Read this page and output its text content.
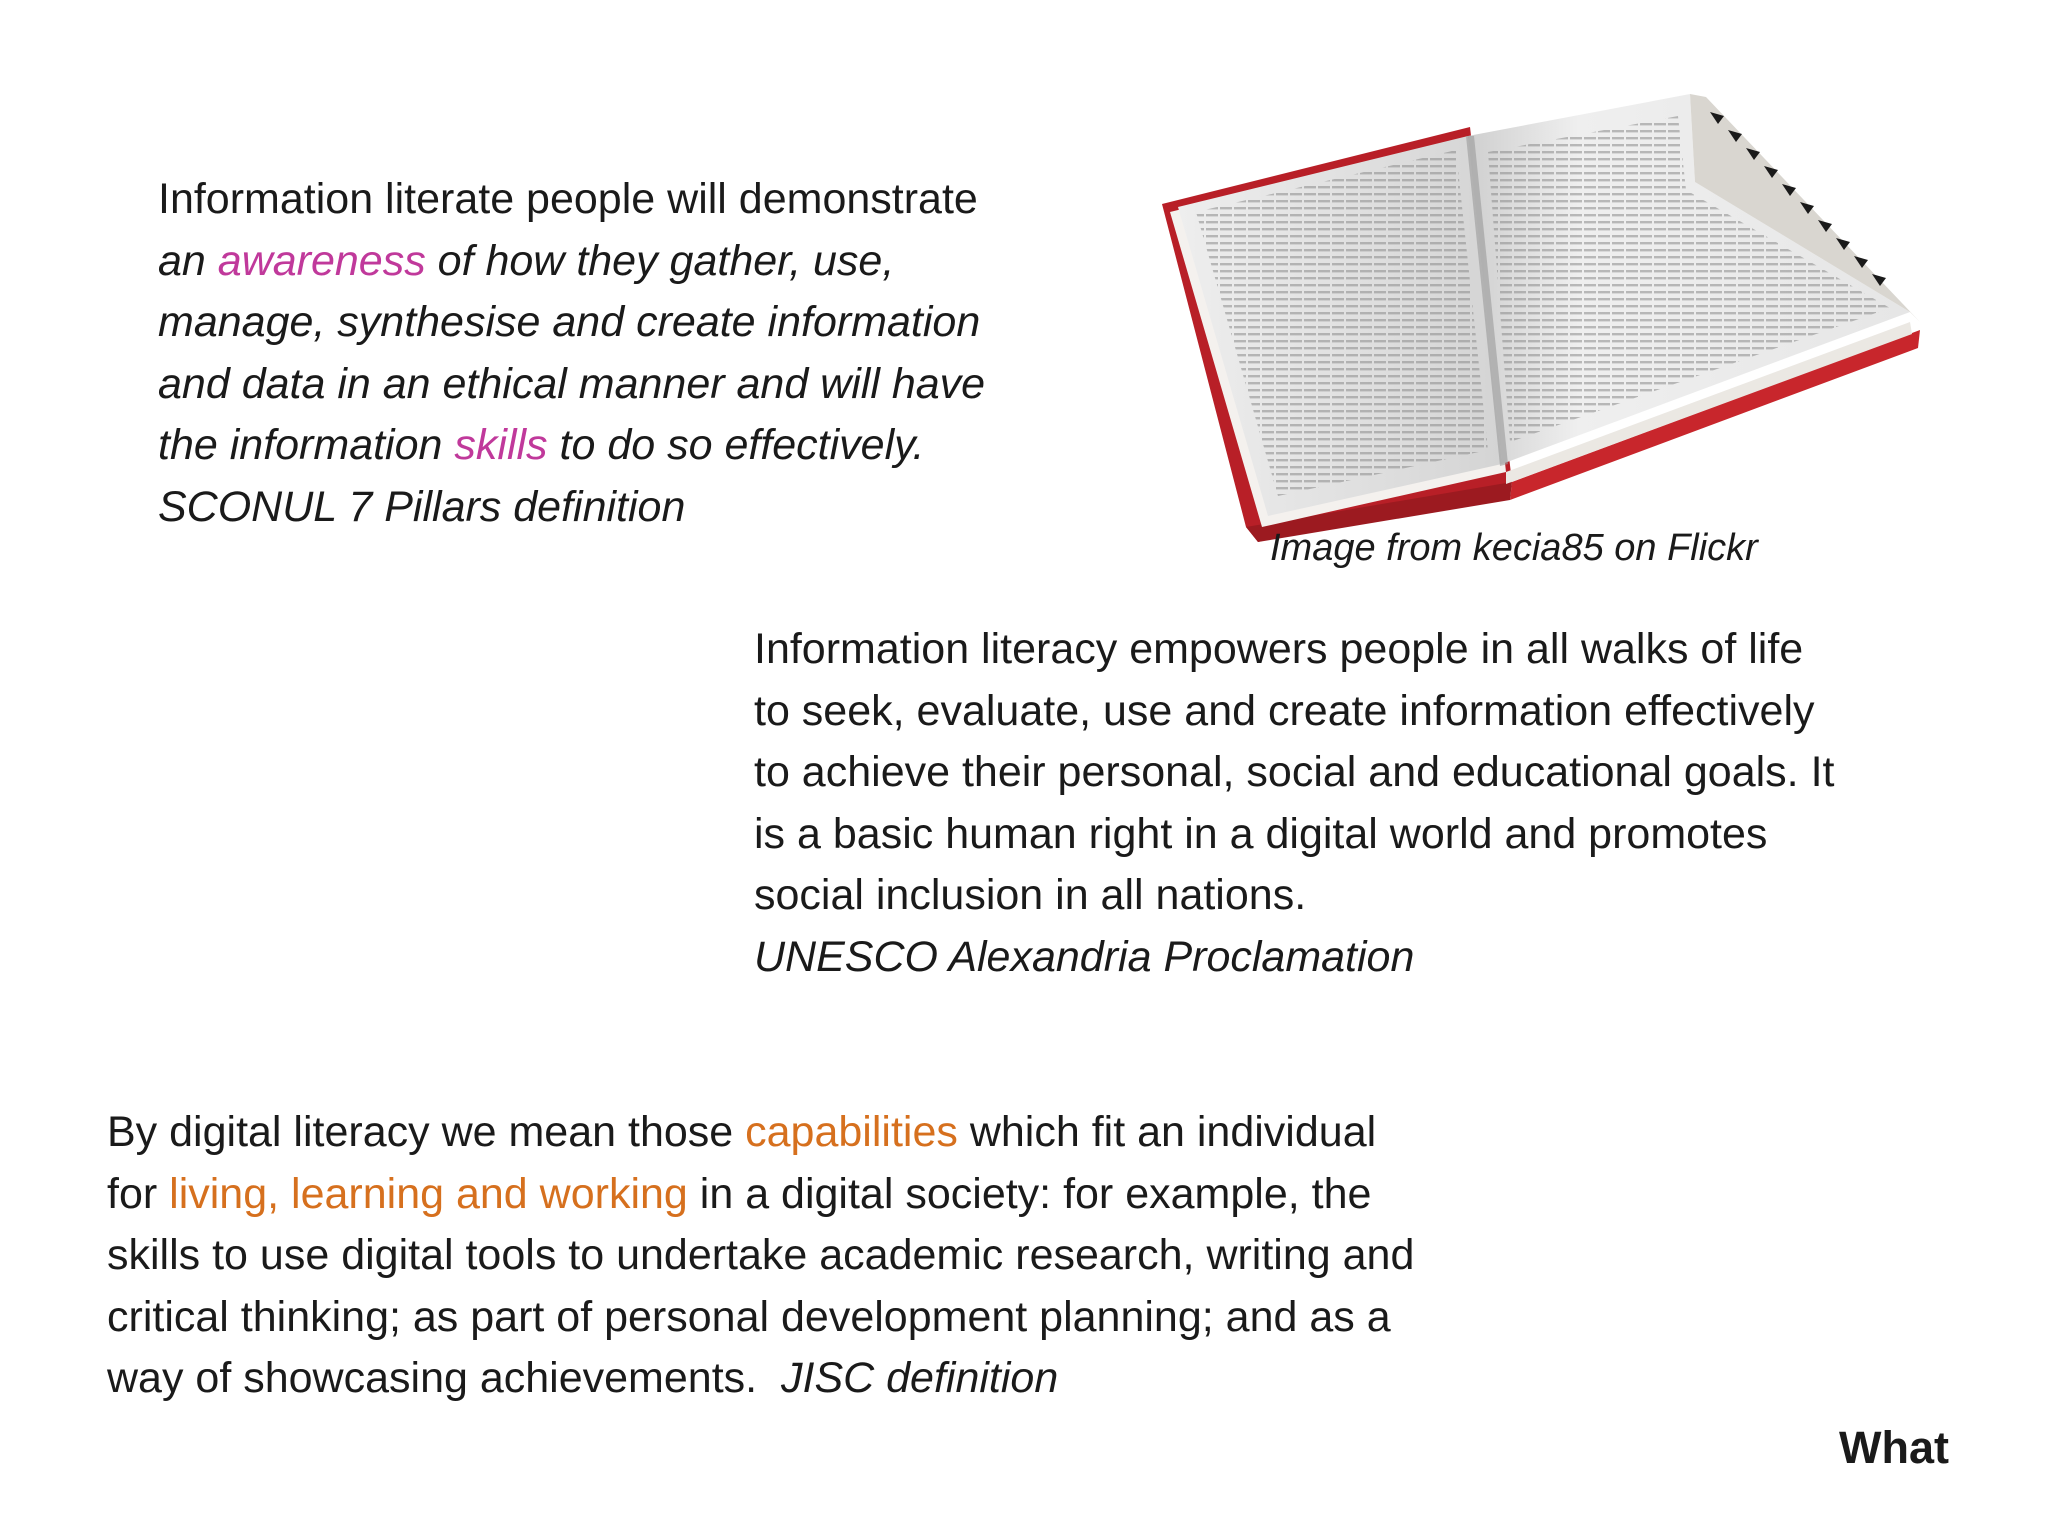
Information literate people will demonstrate
an awareness of how they gather, use,
manage, synthesise and create information
and data in an ethical manner and will have
the information skills to do so effectively.
SCONUL 7 Pillars definition

Image from kecia85 on Flickr

Information literacy empowers people in all walks of life
to seek, evaluate, use and create information effectively
to achieve their personal, social and educational goals. It
is a basic human right in a digital world and promotes
social inclusion in all nations.
UNESCO Alexandria Proclamation

By digital literacy we mean those capabilities which fit an individual
for living, learning and working in a digital society: for example, the
skills to use digital tools to undertake academic research, writing and
critical thinking; as part of personal development planning; and as a
way of showcasing achievements.  JISC definition

What
